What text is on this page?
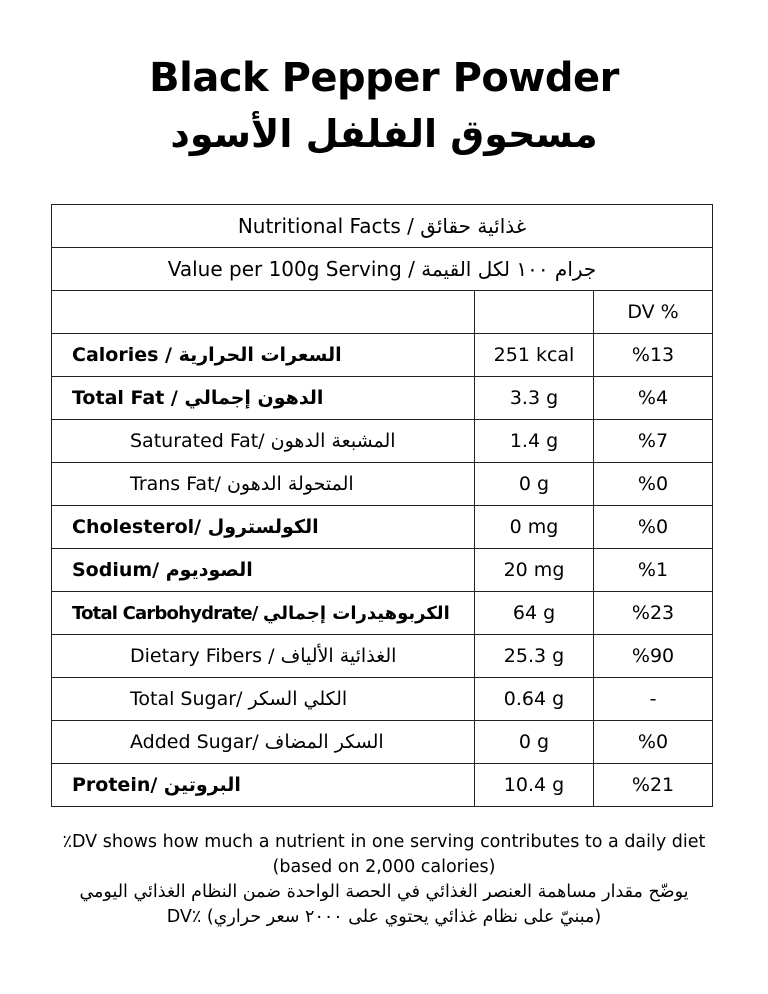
Black Pepper Powder
مسحوق الفلفل الأسود
Nutritional Facts / غذائية حقائق		
Value per 100g Serving / جرام ١٠٠ لكل القيمة		
		DV %
Calories / السعرات الحرارية	251 kcal	%13
Total Fat / الدهون إجمالي	3.3 g	%4
Saturated Fat/ المشبعة الدهون	1.4 g	%7
Trans Fat/ المتحولة الدهون	0 g	%0
Cholesterol/ الكولسترول	0 mg	%0
Sodium/ الصوديوم	20 mg	%1
Total Carbohydrate/ الكربوهيدرات إجمالي	64 g	%23
Dietary Fibers / الغذائية الألياف	25.3 g	%90
Total Sugar/ الكلي السكر	0.64 g	-
Added Sugar/ السكر المضاف	0 g	%0
Protein/ البروتين	10.4 g	%21
٪DV shows how much a nutrient in one serving contributes to a daily diet
(based on 2,000 calories)
يوضّح مقدار مساهمة العنصر الغذائي في الحصة الواحدة ضمن النظام الغذائي اليومي
(مبنيّ على نظام غذائي يحتوي على ٢٠٠٠ سعر حراري) ٪DV
